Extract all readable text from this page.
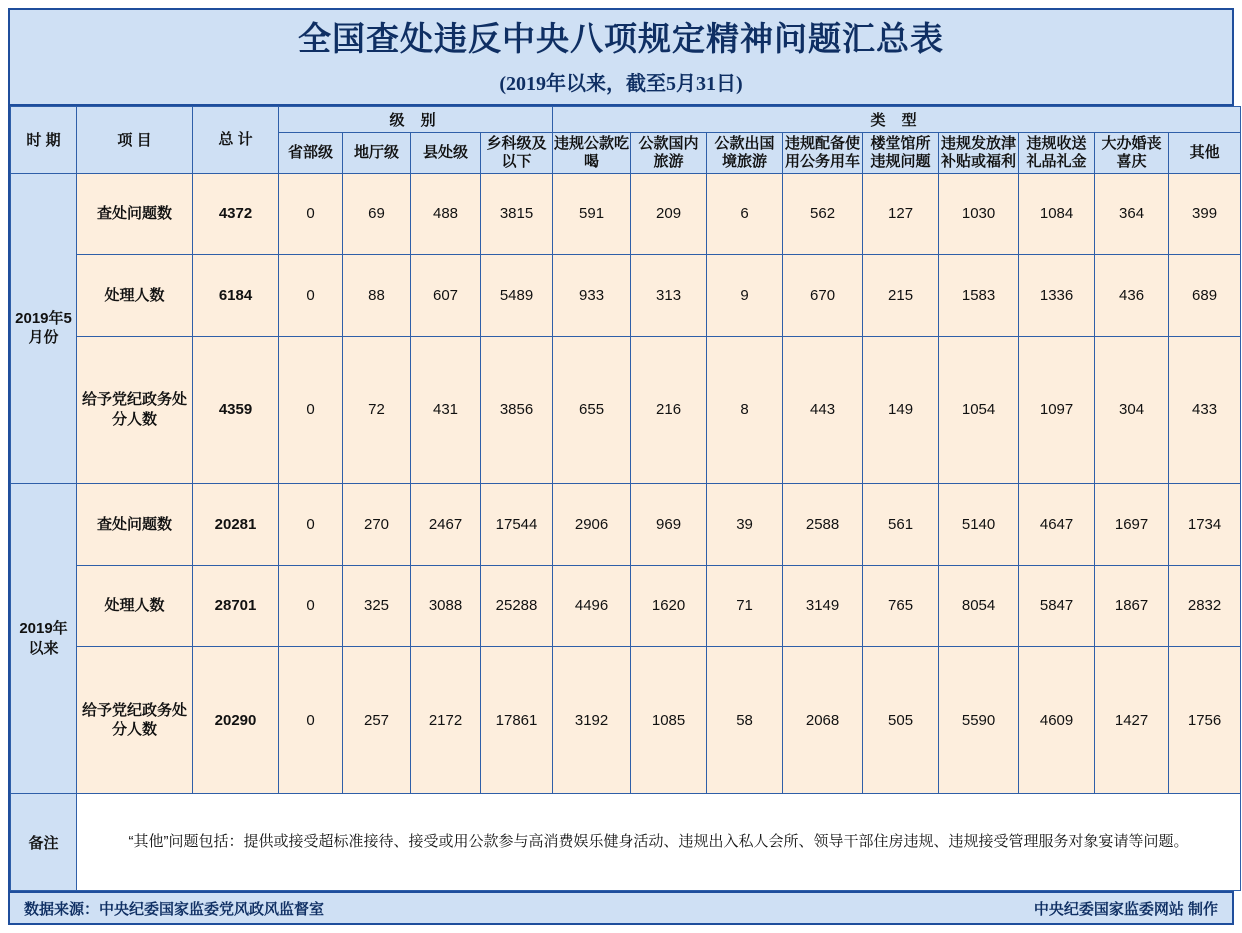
全国查处违反中央八项规定精神问题汇总表
(2019年以来，截至5月31日)
时 期	项 目	总 计	级 别				类 型								
			省部级	地厅级	县处级	乡科级及以下	违规公款吃喝	公款国内旅游	公款出国境旅游	违规配备使用公务用车	楼堂馆所违规问题	违规发放津补贴或福利	违规收送礼品礼金	大办婚丧喜庆	其他
2019年5月份	查处问题数	4372	0	69	488	3815	591	209	6	562	127	1030	1084	364	399
	处理人数	6184	0	88	607	5489	933	313	9	670	215	1583	1336	436	689
	给予党纪政务处分人数	4359	0	72	431	3856	655	216	8	443	149	1054	1097	304	433
2019年以来	查处问题数	20281	0	270	2467	17544	2906	969	39	2588	561	5140	4647	1697	1734
	处理人数	28701	0	325	3088	25288	4496	1620	71	3149	765	8054	5847	1867	2832
	给予党纪政务处分人数	20290	0	257	2172	17861	3192	1085	58	2068	505	5590	4609	1427	1756
备注	“其他”问题包括：提供或接受超标准接待、接受或用公款参与高消费娱乐健身活动、违规出入私人会所、领导干部住房违规、违规接受管理服务对象宴请等问题。														
数据来源：中央纪委国家监委党风政风监督室	中央纪委国家监委网站 制作
